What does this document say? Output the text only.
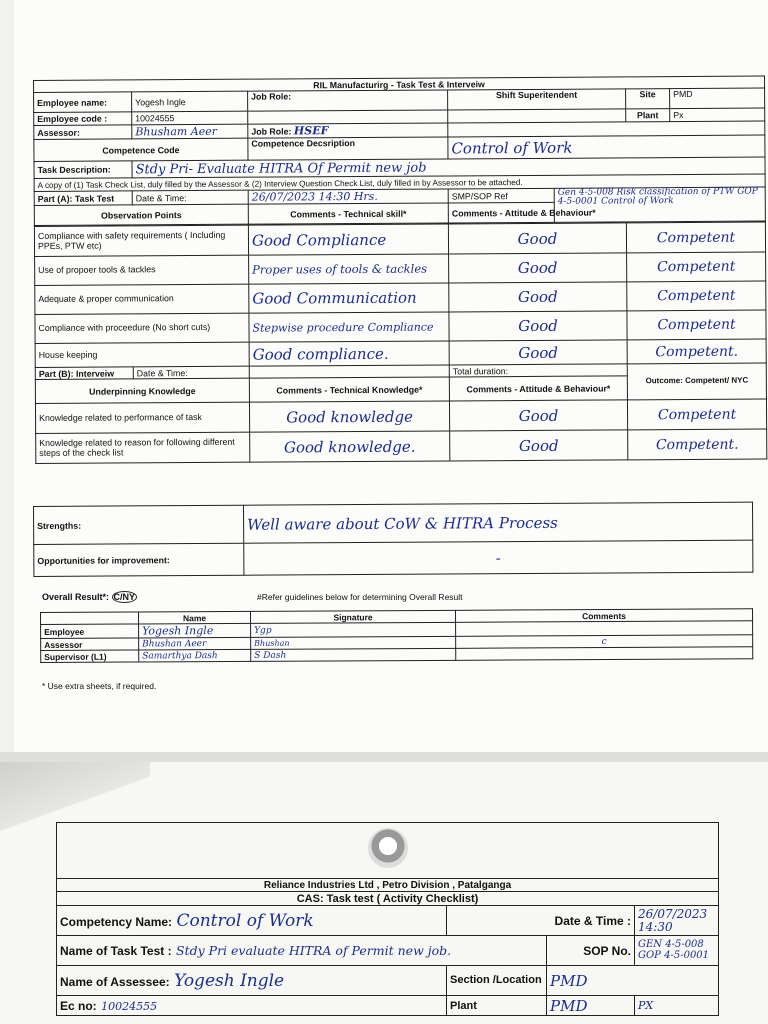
RIL Manufacturirg - Task Test & Interveiw						
Employee name:	Yogesh Ingle	Job Role:	Shift Superitendent		Site	PMD
Employee code :	10024555				Plant	Px
Assessor:	Bhusham Aeer	Job Role: HSEF				
Competence Code		Competence Decsription	Control of Work			
Task Description:	Stdy Pri- Evaluate HITRA Of Permit new job					
A copy of (1) Task Check List, duly filled by the Assessor & (2) Interview Question Check List, duly filled in by Assessor to be attached.						
Part (A): Task Test	Date & Time:	26/07/2023 14:30 Hrs.	SMP/SOP Ref	Gen 4-5-008 Risk classification of PTW GOP 4-5-0001 Control of Work		
Observation Points		Comments - Technical skill*	Comments - Attitude & Behaviour*			

Compliance with safety requirements ( Including PPEs, PTW etc)		Good Compliance	Good		Competent	
Use of propoer tools & tackles		Proper uses of tools & tackles	Good		Competent	
Adequate & proper communication		Good Communication	Good		Competent	
Compliance with proceedure (No short cuts)		Stepwise procedure Compliance	Good		Competent	
House keeping		Good compliance.	Good		Competent.	
Part (B): Interveiw	Date & Time:		Total duration:		Outcome: Competent/ NYC	
Underpinning Knowledge		Comments - Technical Knowledge*	Comments - Attitude & Behaviour*			
Knowledge related to performance of task		Good knowledge	Good		Competent	
Knowledge related to reason for following different steps of the check list		Good knowledge.	Good		Competent.	
Strengths:	Well aware about CoW & HITRA Process
Opportunities for improvement:	-
Overall Result*: C/NY	#Refer guidelines below for determining Overall Result
	Name	Signature	Comments
Employee	Yogesh Ingle	Ygp	
Assessor	Bhushan Aeer	Bhushan	c
Supervisor (L1)	Samarthya Dash	S Dash	
* Use extra sheets, if required.

Reliance Industries Ltd , Petro Division , Patalganga			
CAS: Task test ( Activity Checklist)			
Competency Name: Control of Work	Date & Time :		26/07/2023 14:30
Name of Task Test : Stdy Pri evaluate HITRA of Permit new job.		SOP No.	GEN 4-5-008 GOP 4-5-0001
Name of Assessee: Yogesh Ingle	Section /Location	PMD	
Ec no: 10024555	Plant	PMD	PX
